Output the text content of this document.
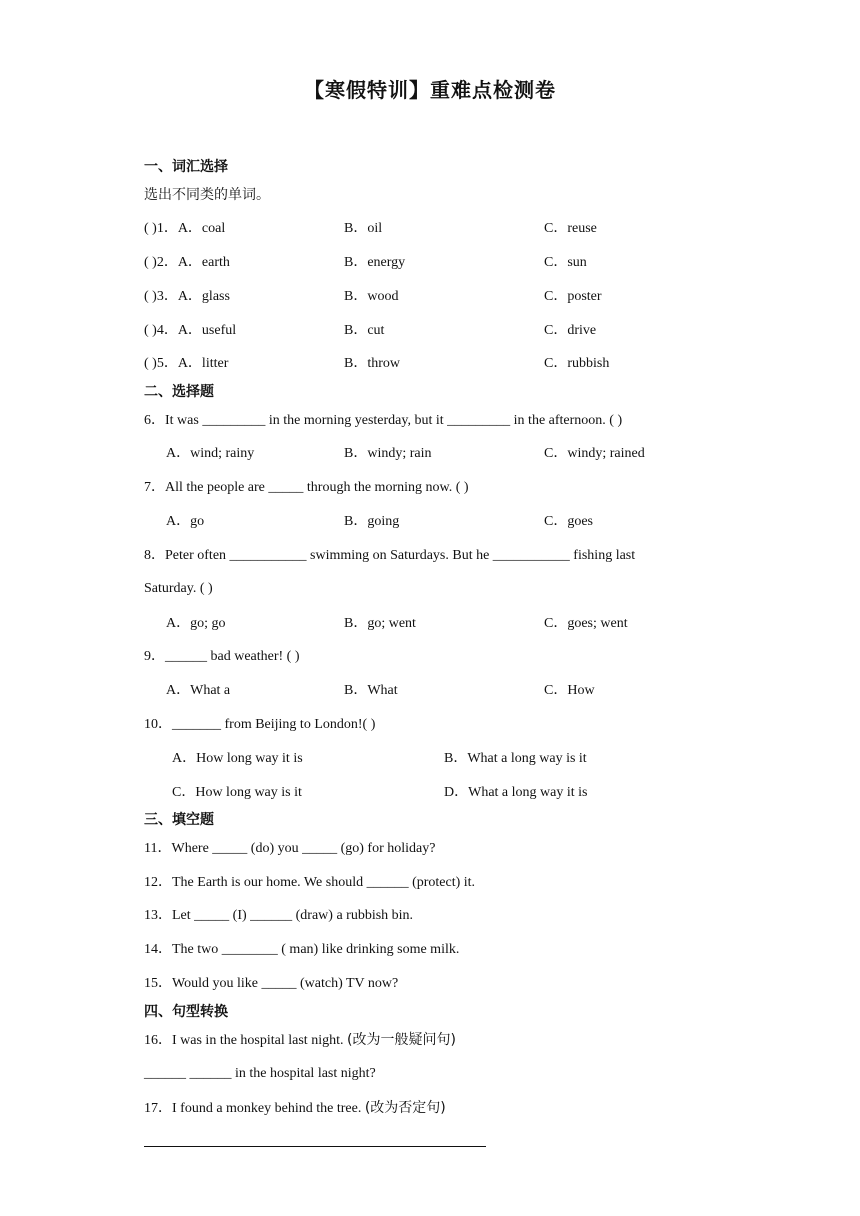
【寒假特训】重难点检测卷
一、词汇选择
选出不同类的单词。
( )1．A．coal	B．oil	C．reuse
( )2．A．earth	B．energy	C．sun
( )3．A．glass	B．wood	C．poster
( )4．A．useful	B．cut	C．drive
( )5．A．litter	B．throw	C．rubbish
二、选择题
6．It was _________ in the morning yesterday, but it _________ in the afternoon. ( )
A．wind; rainy	B．windy; rain	C．windy; rained
7．All the people are _____ through the morning now. ( )
A．go	B．going	C．goes
8．Peter often ___________ swimming on Saturdays. But he ___________ fishing last
Saturday. ( )
A．go; go	B．go; went	C．goes; went
9．______ bad weather! ( )
A．What a	B．What	C．How
10．_______ from Beijing to London!( )
A．How long way it is	B．What a long way is it
C．How long way is it	D．What a long way it is
三、填空题
11．Where _____ (do) you _____ (go) for holiday?
12．The Earth is our home. We should ______ (protect) it.
13．Let _____ (I) ______ (draw) a rubbish bin.
14．The two ________ ( man) like drinking some milk.
15．Would you like _____ (watch) TV now?
四、句型转换
16．I was in the hospital last night. (改为一般疑问句)
______ ______ in the hospital last night?
17．I found a monkey behind the tree. (改为否定句)
